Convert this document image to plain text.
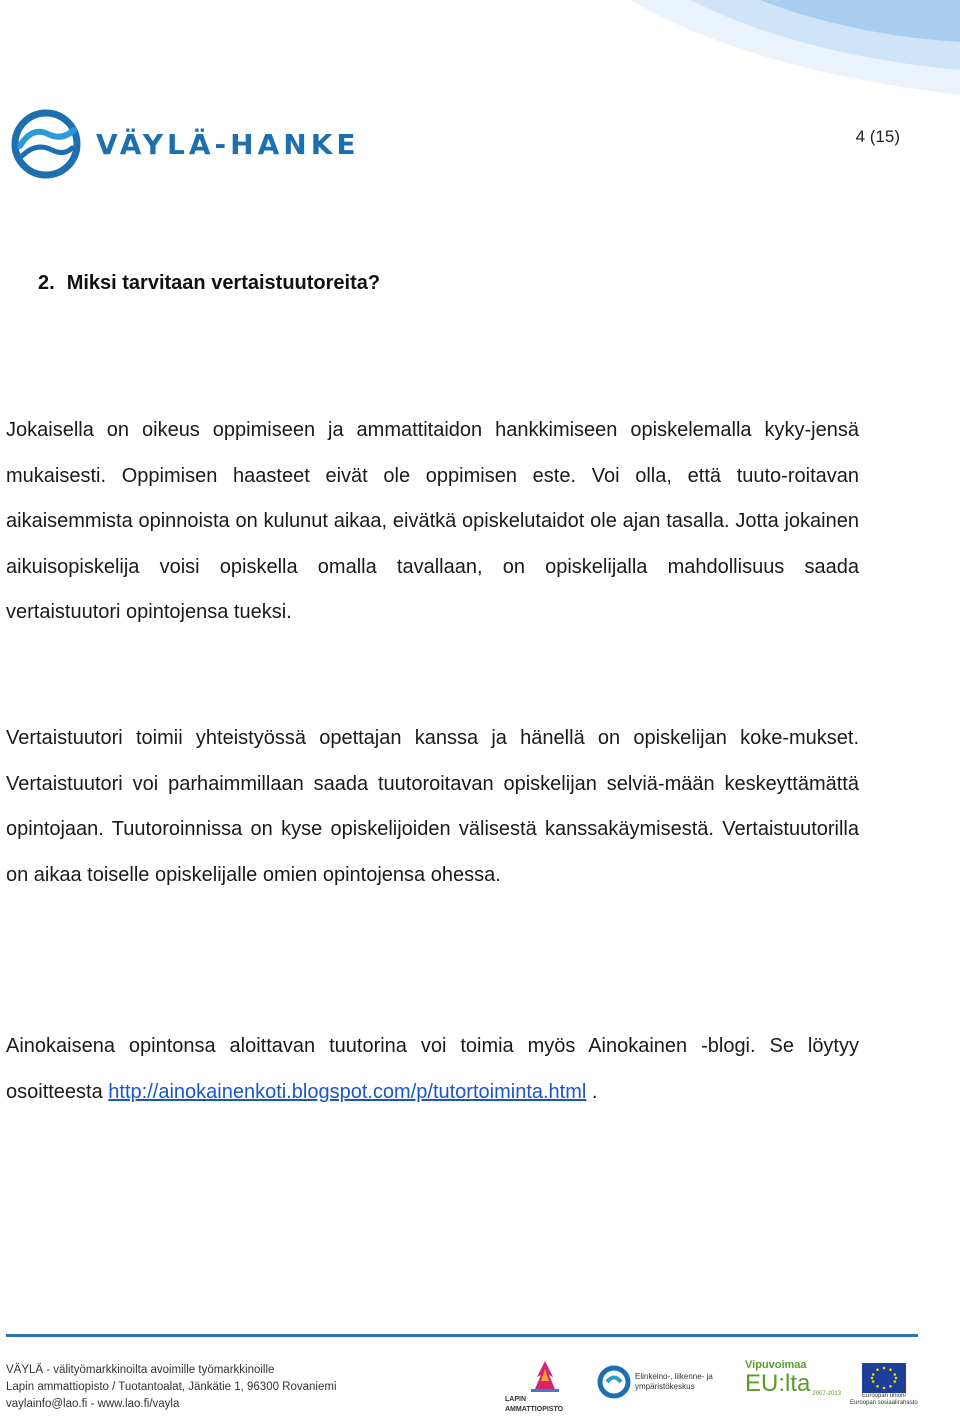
VÄYLÄ-HANKE	4 (15)
2. Miksi tarvitaan vertaistuutoreita?

Jokaisella on oikeus oppimiseen ja ammattitaidon hankkimiseen opiskelemalla kyky-jensä mukaisesti. Oppimisen haasteet eivät ole oppimisen este. Voi olla, että tuuto-roitavan aikaisemmista opinnoista on kulunut aikaa, eivätkä opiskelutaidot ole ajan tasalla. Jotta jokainen aikuisopiskelija voisi opiskella omalla tavallaan, on opiskelijalla mahdollisuus saada vertaistuutori opintojensa tueksi.

Vertaistuutori toimii yhteistyössä opettajan kanssa ja hänellä on opiskelijan koke-mukset. Vertaistuutori voi parhaimmillaan saada tuutoroitavan opiskelijan selviä-mään keskeyttämättä opintojaan. Tuutoroinnissa on kyse opiskelijoiden välisestä kanssakäymisestä. Vertaistuutorilla on aikaa toiselle opiskelijalle omien opintojensa ohessa.

Ainokaisena opintonsa aloittavan tuutorina voi toimia myös Ainokainen -blogi. Se löytyy osoitteesta http://ainokainenkoti.blogspot.com/p/tutortoiminta.html .

VÄYLÄ - välityömarkkinoilta avoimille työmarkkinoille
Lapin ammattiopisto / Tuotantoalat, Jänkätie 1, 96300 Rovaniemi
vaylainfo@lao.fi - www.lao.fi/vayla	LAPIN AMMATTIOPISTO
Elinkeino-, liikenne- ja
ympäristökeskus
Vipuvoimaa
EU:lta 2007-2013	Euroopan unioni
Euroopan sosiaalirahasto
